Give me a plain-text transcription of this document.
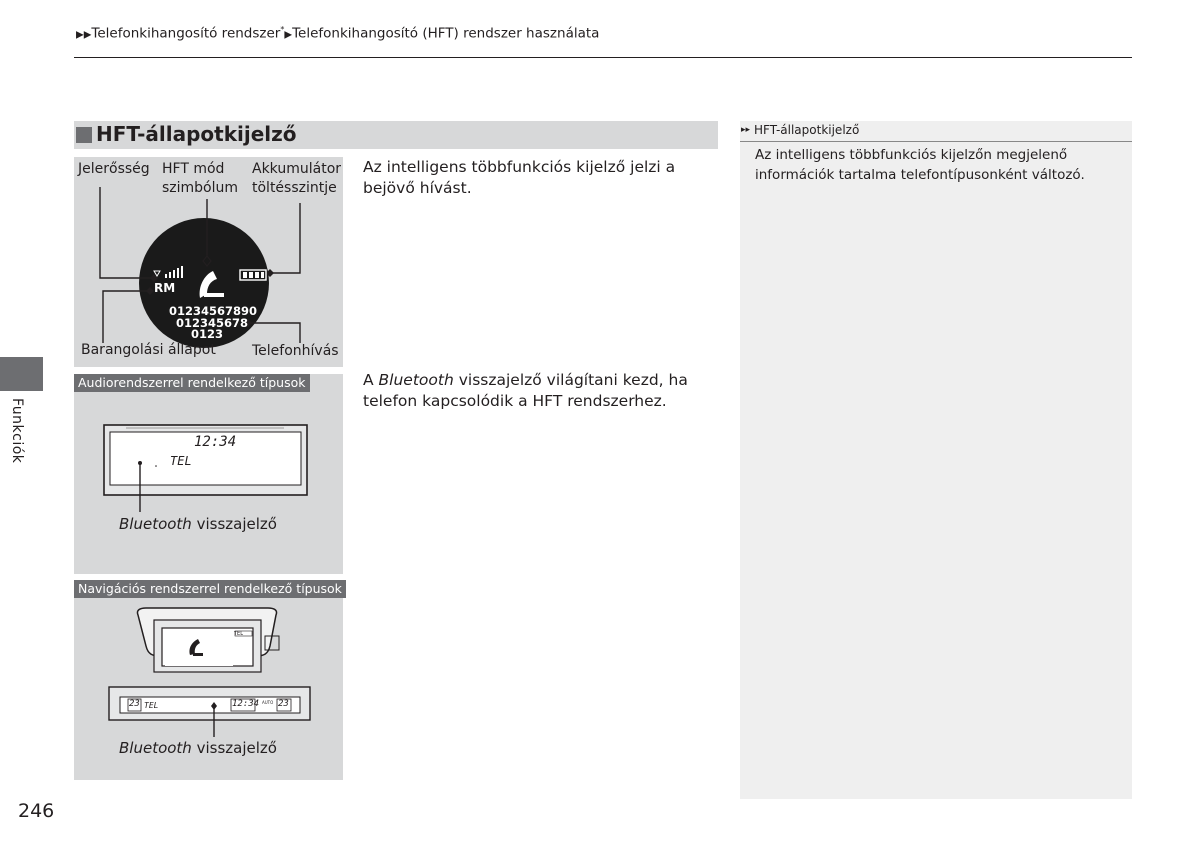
▶▶Telefonkihangosító rendszer*▶Telefonkihangosító (HFT) rendszer használata
HFT-állapotkijelző
Funkciók
Jelerősség HFT mód
szimbólum
Akkumulátor
töltésszintje
RM
01234567890
012345678
0123
Barangolási állapot	Telefonhívás
Audiorendszerrel rendelkező típusok
12:34
TEL
Bluetooth visszajelző
Navigációs rendszerrel rendelkező típusok
TEL
23 TEL	12:34 AUTO 23
Bluetooth visszajelző
Az intelligens többfunkciós kijelző jelzi a bejövő hívást.
A Bluetooth visszajelző világítani kezd, ha telefon kapcsolódik a HFT rendszerhez.
▸▸ HFT-állapotkijelző
Az intelligens többfunkciós kijelzőn megjelenő információk tartalma telefontípusonként változó.
246
